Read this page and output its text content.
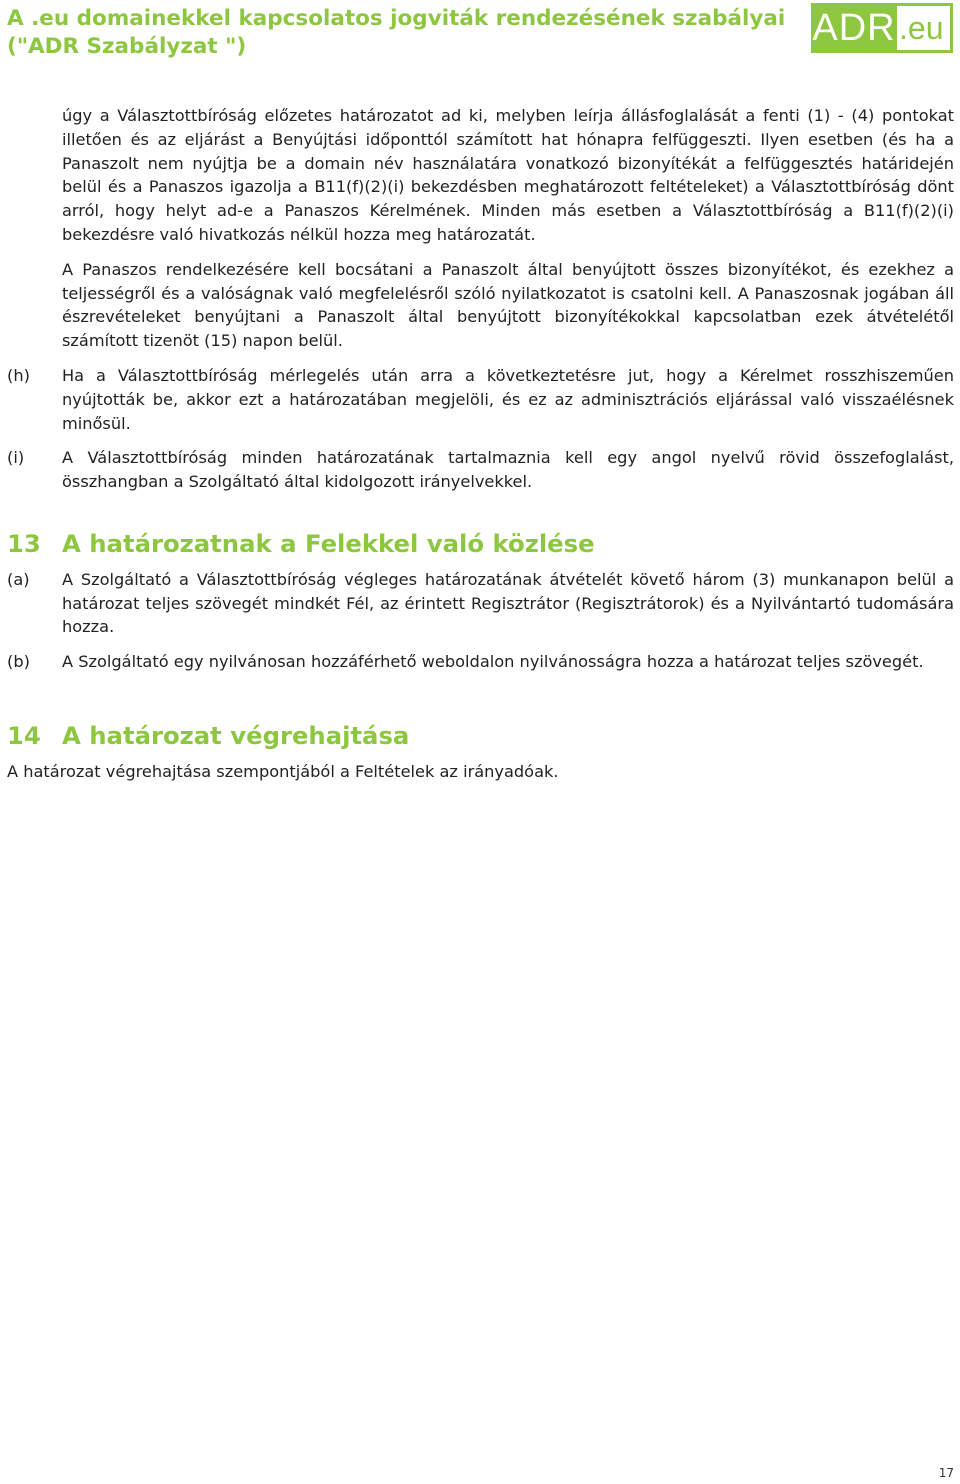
A .eu domainekkel kapcsolatos jogviták rendezésének szabályai ("ADR Szabályzat ")	ADR .eu

úgy a Választottbíróság előzetes határozatot ad ki, melyben leírja állásfoglalását a fenti (1) - (4) pontokat illetően és az eljárást a Benyújtási időponttól számított hat hónapra felfüggeszti. Ilyen esetben (és ha a Panaszolt nem nyújtja be a domain név használatára vonatkozó bizonyítékát a felfüggesztés határidején belül és a Panaszos igazolja a B11(f)(2)(i) bekezdésben meghatározott feltételeket) a Választottbíróság dönt arról, hogy helyt ad-e a Panaszos Kérelmének. Minden más esetben a Választottbíróság a B11(f)(2)(i) bekezdésre való hivatkozás nélkül hozza meg határozatát.

A Panaszos rendelkezésére kell bocsátani a Panaszolt által benyújtott összes bizonyítékot, és ezekhez a teljességről és a valóságnak való megfelelésről szóló nyilatkozatot is csatolni kell. A Panaszosnak jogában áll észrevételeket benyújtani a Panaszolt által benyújtott bizonyítékokkal kapcsolatban ezek átvételétől számított tizenöt (15) napon belül.

(h)	Ha a Választottbíróság mérlegelés után arra a következtetésre jut, hogy a Kérelmet rosszhiszeműen nyújtották be, akkor ezt a határozatában megjelöli, és ez az adminisztrációs eljárással való visszaélésnek minősül.

(i)	A Választottbíróság minden határozatának tartalmaznia kell egy angol nyelvű rövid összefoglalást, összhangban a Szolgáltató által kidolgozott irányelvekkel.

13 A határozatnak a Felekkel való közlése
(a)	A Szolgáltató a Választottbíróság végleges határozatának átvételét követő három (3) munkanapon belül a határozat teljes szövegét mindkét Fél, az érintett Regisztrátor (Regisztrátorok) és a Nyilvántartó tudomására hozza.

(b)	A Szolgáltató egy nyilvánosan hozzáférhető weboldalon nyilvánosságra hozza a határozat teljes szövegét.

14 A határozat végrehajtása

A határozat végrehajtása szempontjából a Feltételek az irányadóak.

17
